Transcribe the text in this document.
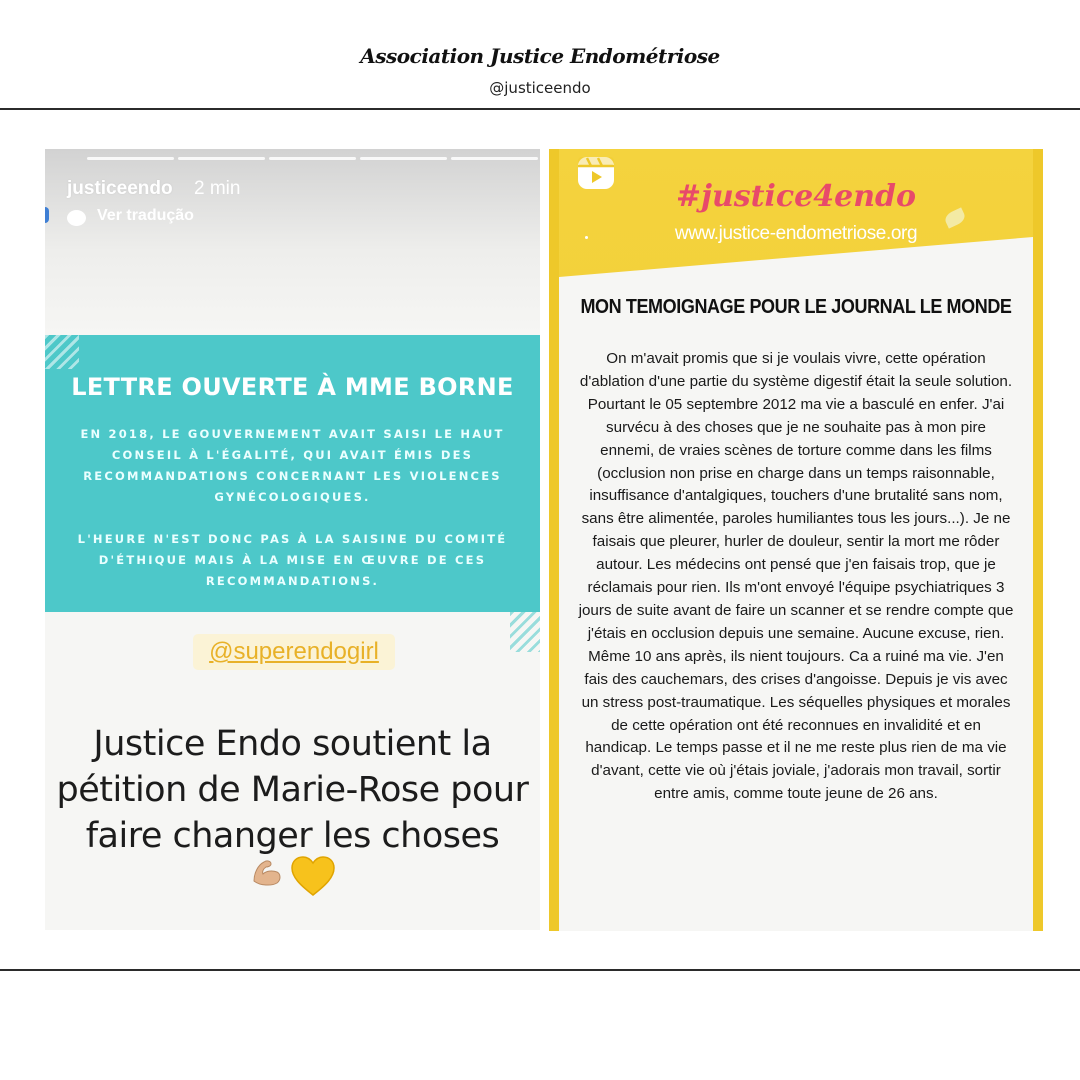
Association Justice Endométriose
@justiceendo
justiceendo 2 min
Ver tradução
LETTRE OUVERTE À MME BORNE
EN 2018, LE GOUVERNEMENT AVAIT SAISI LE HAUT CONSEIL À L'ÉGALITÉ, QUI AVAIT ÉMIS DES RECOMMANDATIONS CONCERNANT LES VIOLENCES GYNÉCOLOGIQUES.
L'HEURE N'EST DONC PAS À LA SAISINE DU COMITÉ D'ÉTHIQUE MAIS À LA MISE EN ŒUVRE DE CES RECOMMANDATIONS.
@superendogirl
Justice Endo soutient la
pétition de Marie-Rose pour
faire changer les choses
#justice4endo
www.justice-endometriose.org
MON TEMOIGNAGE POUR LE JOURNAL LE MONDE
On m'avait promis que si je voulais vivre, cette opération d'ablation d'une partie du système digestif était la seule solution. Pourtant le 05 septembre 2012 ma vie a basculé en enfer. J'ai survécu à des choses que je ne souhaite pas à mon pire ennemi, de vraies scènes de torture comme dans les films (occlusion non prise en charge dans un temps raisonnable, insuffisance d'antalgiques, touchers d'une brutalité sans nom, sans être alimentée, paroles humiliantes tous les jours...). Je ne faisais que pleurer, hurler de douleur, sentir la mort me rôder autour. Les médecins ont pensé que j'en faisais trop, que je réclamais pour rien. Ils m'ont envoyé l'équipe psychiatriques 3 jours de suite avant de faire un scanner et se rendre compte que j'étais en occlusion depuis une semaine. Aucune excuse, rien. Même 10 ans après, ils nient toujours. Ca a ruiné ma vie. J'en fais des cauchemars, des crises d'angoisse. Depuis je vis avec un stress post-traumatique. Les séquelles physiques et morales de cette opération ont été reconnues en invalidité et en handicap. Le temps passe et il ne me reste plus rien de ma vie d'avant, cette vie où j'étais joviale, j'adorais mon travail, sortir entre amis, comme toute jeune de 26 ans.
